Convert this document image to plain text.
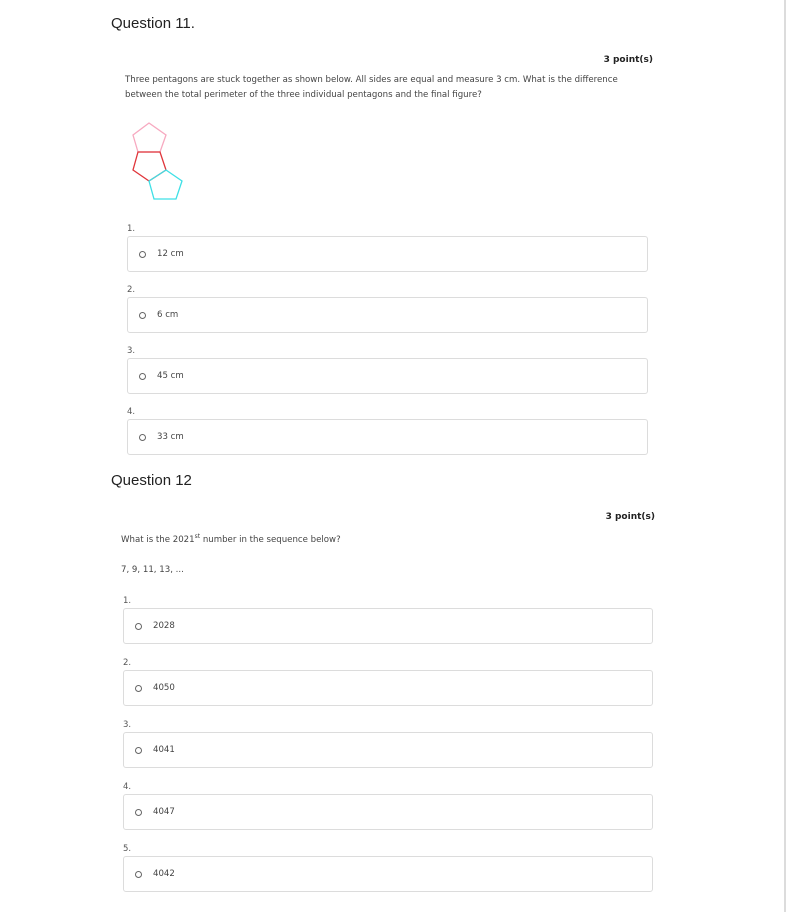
Question 11.
3 point(s)
Three pentagons are stuck together as shown below. All sides are equal and measure 3 cm. What is the difference between the total perimeter of the three individual pentagons and the final figure?
1.
12 cm
2.
6 cm
3.
45 cm
4.
33 cm
Question 12
3 point(s)
What is the 2021st number in the sequence below?
7, 9, 11, 13, ...
1.
2028
2.
4050
3.
4041
4.
4047
5.
4042
